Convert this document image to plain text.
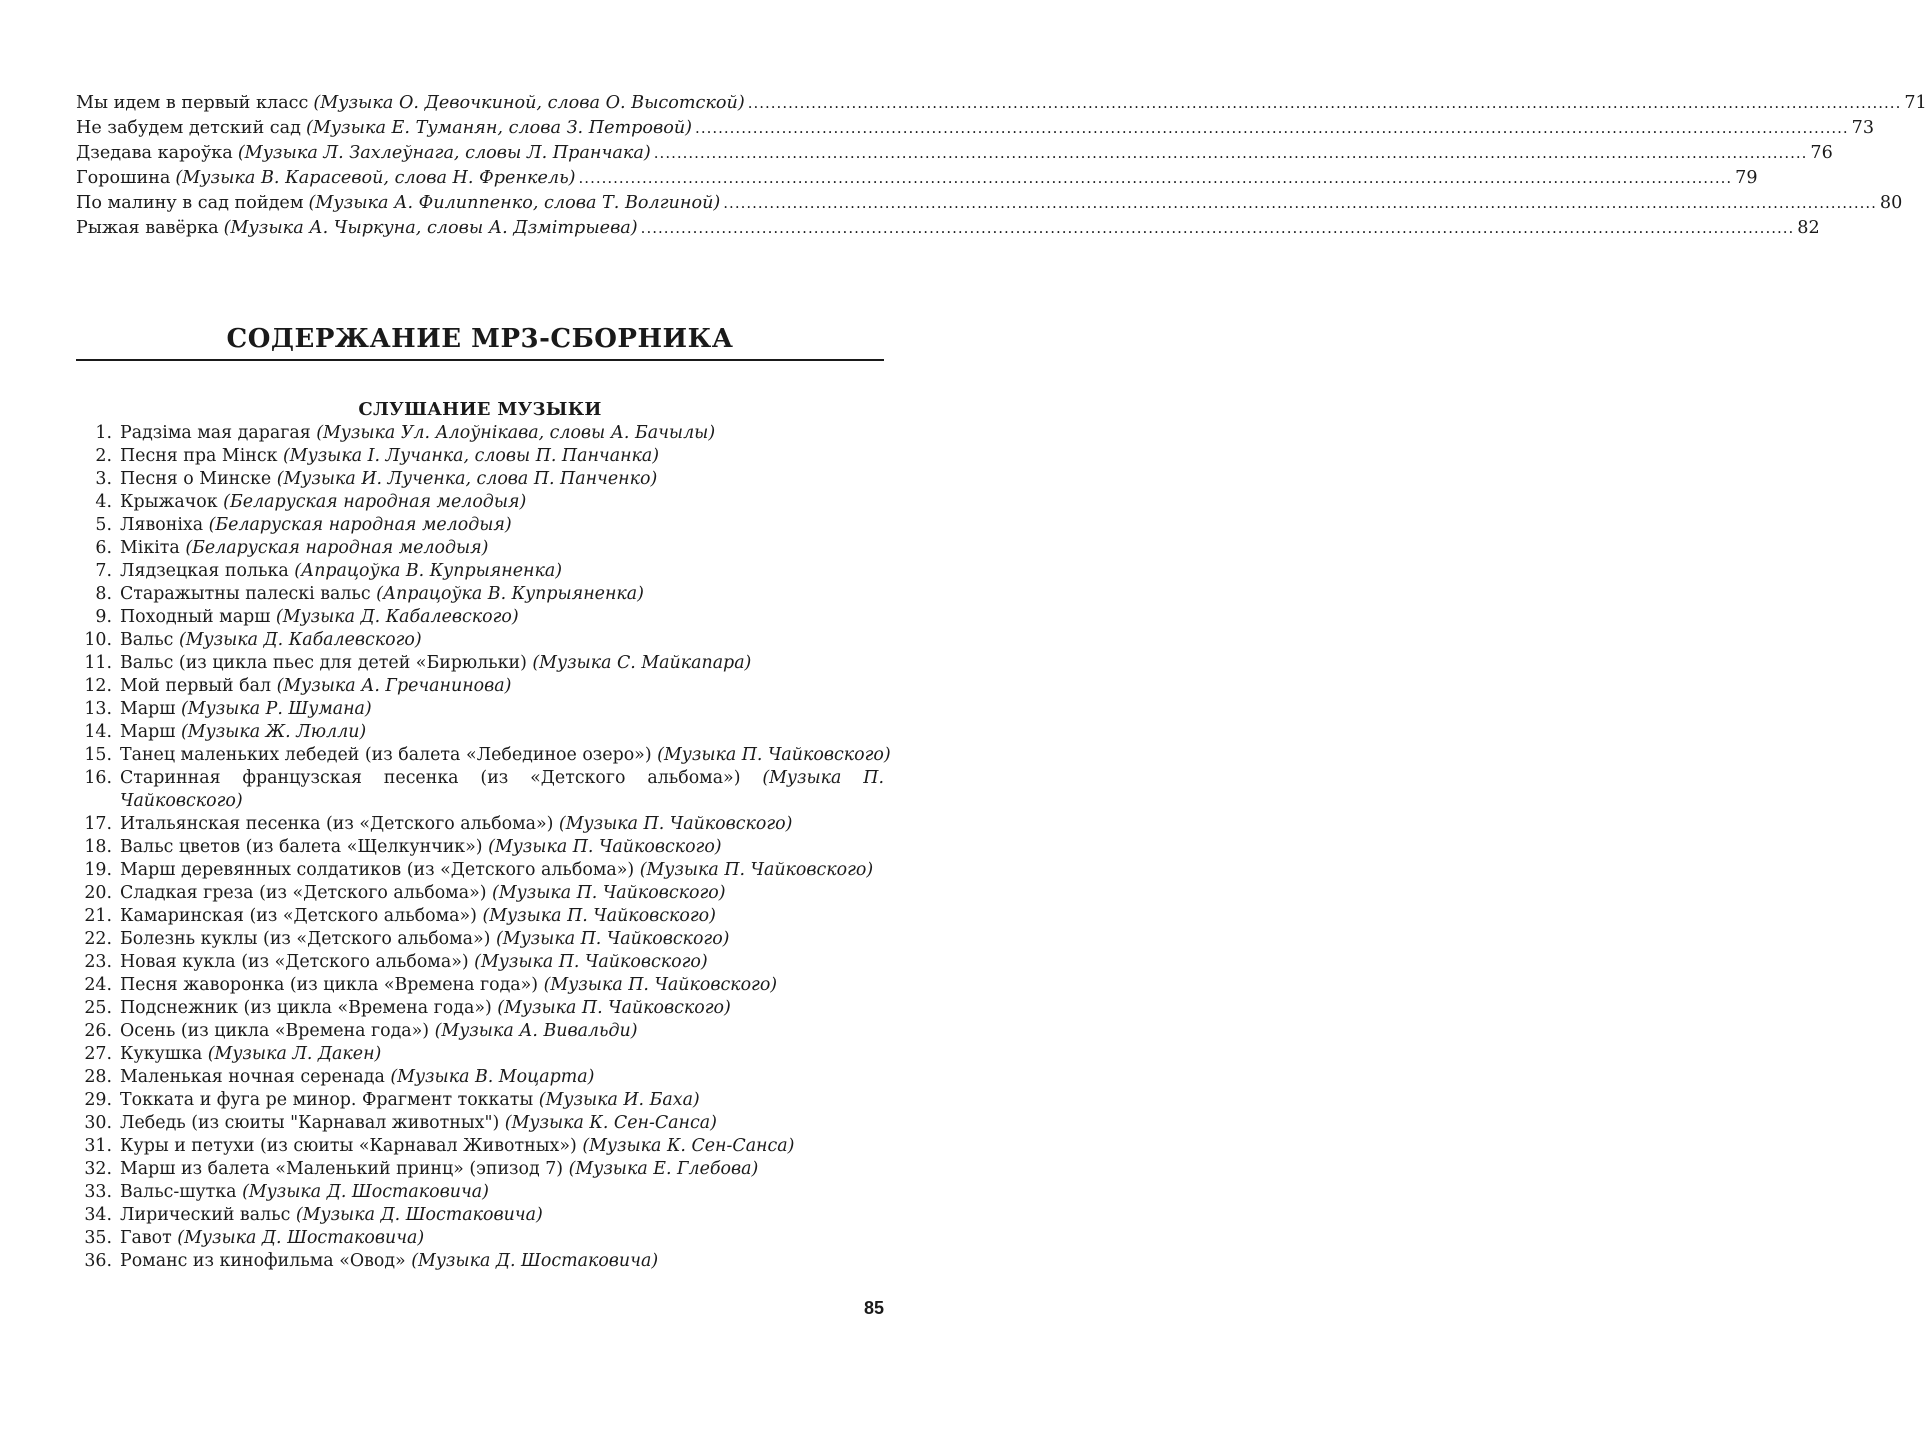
Мы идем в первый класс (Музыка О. Девочкиной, слова О. Высотской) ........................................................................................................................................................................................................ 71
Не забудем детский сад (Музыка Е. Туманян, слова З. Петровой) ........................................................................................................................................................................................................ 73
Дзедава кароўка (Музыка Л. Захлеўнага, словы Л. Пранчака) ........................................................................................................................................................................................................ 76
Горошина (Музыка В. Карасевой, слова Н. Френкель) ........................................................................................................................................................................................................ 79
По малину в сад пойдем (Музыка А. Филиппенко, слова Т. Волгиной) ........................................................................................................................................................................................................ 80
Рыжая вавёрка (Музыка А. Чыркуна, словы А. Дзмітрыева) ........................................................................................................................................................................................................ 82
СОДЕРЖАНИЕ МР3-СБОРНИКА
СЛУШАНИЕ МУЗЫКИ
1. Радзіма мая дарагая (Музыка Ул. Алоўнікава, словы А. Бачылы)
2. Песня пра Мінск (Музыка І. Лучанка, словы П. Панчанка)
3. Песня о Минске (Музыка И. Лученка, слова П. Панченко)
4. Крыжачок (Беларуская народная мелодыя)
5. Лявоніха (Беларуская народная мелодыя)
6. Мікіта (Беларуская народная мелодыя)
7. Лядзецкая полька (Апрацоўка В. Купрыяненка)
8. Старажытны палескі вальс (Апрацоўка В. Купрыяненка)
9. Походный марш (Музыка Д. Кабалевского)
10. Вальс (Музыка Д. Кабалевского)
11. Вальс (из цикла пьес для детей «Бирюльки) (Музыка С. Майкапара)
12. Мой первый бал (Музыка А. Гречанинова)
13. Марш (Музыка Р. Шумана)
14. Марш (Музыка Ж. Люлли)
15. Танец маленьких лебедей (из балета «Лебединое озеро») (Музыка П. Чайковского)
16. Старинная французская песенка (из «Детского альбома») (Музыка П. Чайковского)
17. Итальянская песенка (из «Детского альбома») (Музыка П. Чайковского)
18. Вальс цветов (из балета «Щелкунчик») (Музыка П. Чайковского)
19. Марш деревянных солдатиков (из «Детского альбома») (Музыка П. Чайковского)
20. Сладкая греза (из «Детского альбома») (Музыка П. Чайковского)
21. Камаринская (из «Детского альбома») (Музыка П. Чайковского)
22. Болезнь куклы (из «Детского альбома») (Музыка П. Чайковского)
23. Новая кукла (из «Детского альбома») (Музыка П. Чайковского)
24. Песня жаворонка (из цикла «Времена года») (Музыка П. Чайковского)
25. Подснежник (из цикла «Времена года») (Музыка П. Чайковского)
26. Осень (из цикла «Времена года») (Музыка А. Вивальди)
27. Кукушка (Музыка Л. Дакен)
28. Маленькая ночная серенада (Музыка В. Моцарта)
29. Токката и фуга ре минор. Фрагмент токкаты (Музыка И. Баха)
30. Лебедь (из сюиты "Карнавал животных") (Музыка К. Сен-Санса)
31. Куры и петухи (из сюиты «Карнавал Животных») (Музыка К. Сен-Санса)
32. Марш из балета «Маленький принц» (эпизод 7) (Музыка Е. Глебова)
33. Вальс-шутка (Музыка Д. Шостаковича)
34. Лирический вальс (Музыка Д. Шостаковича)
35. Гавот (Музыка Д. Шостаковича)
36. Романс из кинофильма «Овод» (Музыка Д. Шостаковича)
85
